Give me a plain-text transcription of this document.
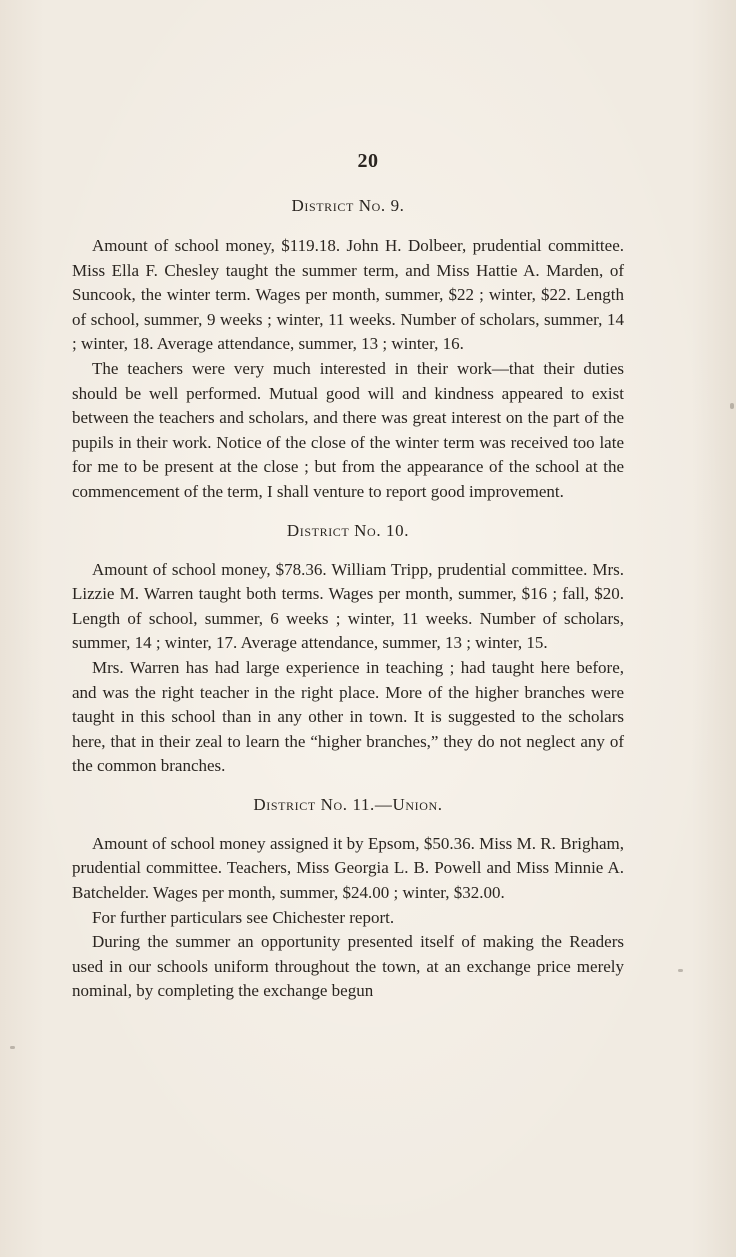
20
District No. 9.

Amount of school money, $119.18. John H. Dolbeer, prudential committee. Miss Ella F. Chesley taught the summer term, and Miss Hattie A. Marden, of Suncook, the winter term. Wages per month, summer, $22 ; winter, $22. Length of school, summer, 9 weeks ; winter, 11 weeks. Number of scholars, summer, 14 ; winter, 18. Average attendance, summer, 13 ; winter, 16.

The teachers were very much interested in their work—that their duties should be well performed. Mutual good will and kindness appeared to exist between the teachers and scholars, and there was great interest on the part of the pupils in their work. Notice of the close of the winter term was received too late for me to be present at the close ; but from the appearance of the school at the commencement of the term, I shall venture to report good improvement.

District No. 10.

Amount of school money, $78.36. William Tripp, prudential committee. Mrs. Lizzie M. Warren taught both terms. Wages per month, summer, $16 ; fall, $20. Length of school, summer, 6 weeks ; winter, 11 weeks. Number of scholars, summer, 14 ; winter, 17. Average attendance, summer, 13 ; winter, 15.

Mrs. Warren has had large experience in teaching ; had taught here before, and was the right teacher in the right place. More of the higher branches were taught in this school than in any other in town. It is suggested to the scholars here, that in their zeal to learn the “higher branches,” they do not neglect any of the common branches.

District No. 11.—Union.

Amount of school money assigned it by Epsom, $50.36. Miss M. R. Brigham, prudential committee. Teachers, Miss Georgia L. B. Powell and Miss Minnie A. Batchelder. Wages per month, summer, $24.00 ; winter, $32.00.

For further particulars see Chichester report.

During the summer an opportunity presented itself of making the Readers used in our schools uniform throughout the town, at an exchange price merely nominal, by completing the exchange begun
